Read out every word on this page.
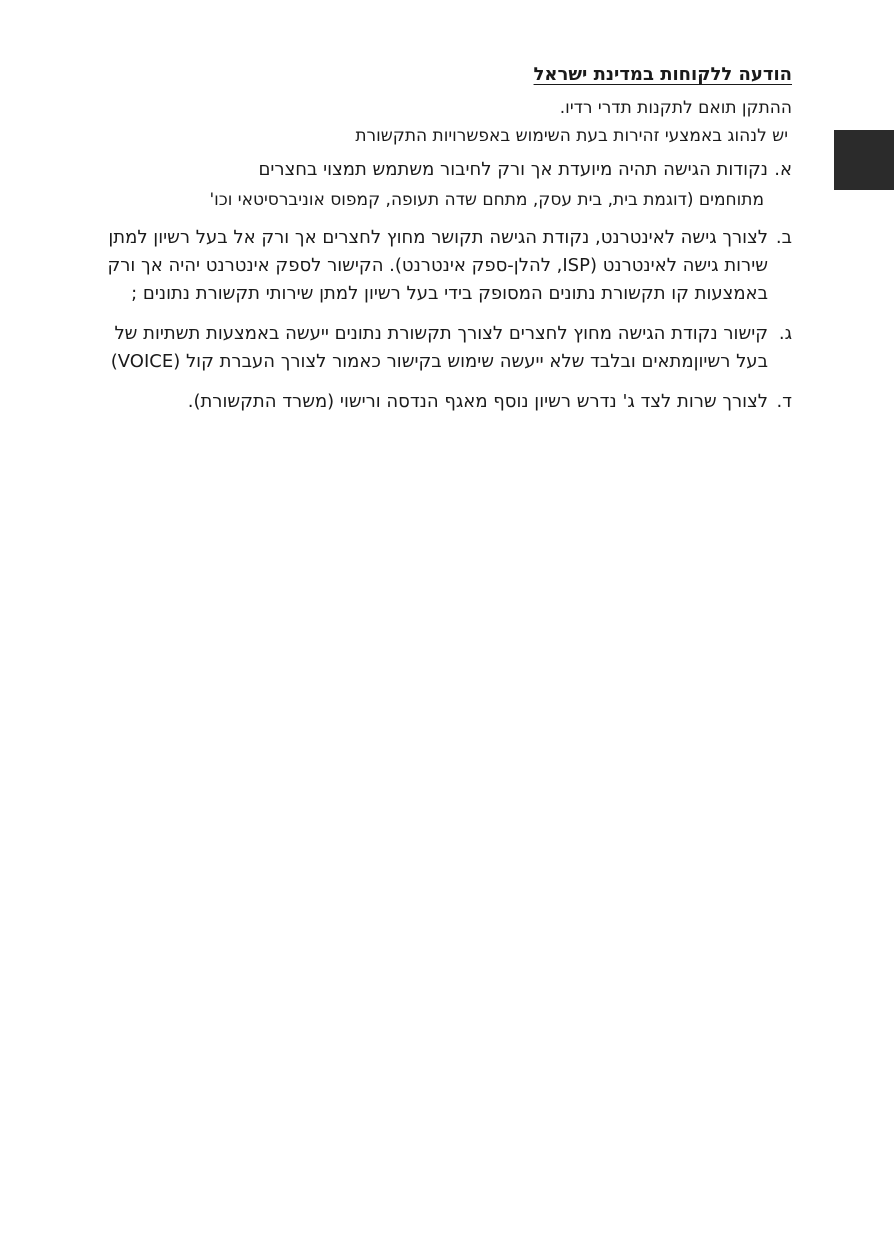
הודעה ללקוחות במדינת ישראל

ההתקן תואם לתקנות תדרי רדיו.

יש לנהוג באמצעי זהירות בעת השימוש באפשרויות התקשורת

א.
נקודות הגישה תהיה מיועדת אך ורק לחיבור משתמש תמצוי בחצרים
מתוחמים (דוגמת בית, בית עסק, מתחם שדה תעופה, קמפוס אוניברסיטאי וכו'
ב.
לצורך גישה לאינטרנט, נקודת הגישה תקושר מחוץ לחצרים אך ורק אל בעל רשיון למתן שירות גישה לאינטרנט (ISP, להלן-ספק אינטרנט). הקישור לספק אינטרנט יהיה אך ורק באמצעות קו תקשורת נתונים המסופק בידי בעל רשיון למתן שירותי תקשורת נתונים ;
ג.
קישור נקודת הגישה מחוץ לחצרים לצורך תקשורת נתונים ייעשה באמצעות תשתיות של בעל רשיוןמתאים ובלבד שלא ייעשה שימוש בקישור כאמור לצורך העברת קול (VOICE)
ד.
לצורך שרות לצד ג' נדרש רשיון נוסף מאגף הנדסה ורישוי (משרד התקשורת).
